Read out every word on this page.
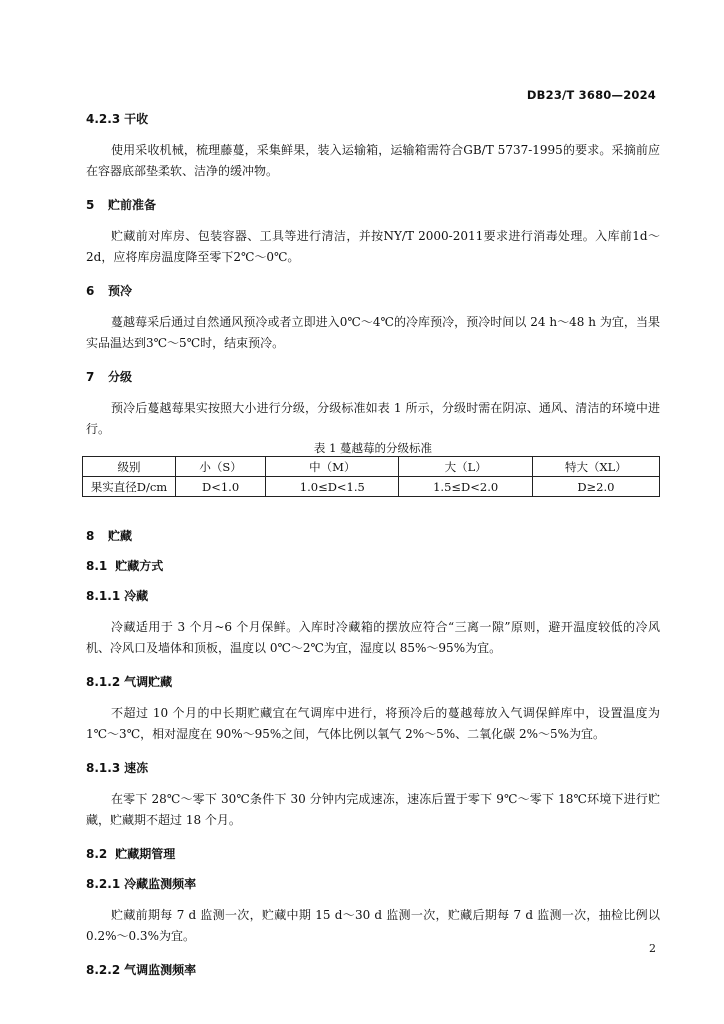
DB23/T 3680—2024

4.2.3 干收

使用采收机械，梳理藤蔓，采集鲜果，装入运输箱，运输箱需符合GB/T 5737-1995的要求。采摘前应在容器底部垫柔软、洁净的缓冲物。

5 贮前准备

贮藏前对库房、包装容器、工具等进行清洁，并按NY/T 2000-2011要求进行消毒处理。入库前1d～2d，应将库房温度降至零下2℃～0℃。

6 预冷

蔓越莓采后通过自然通风预冷或者立即进入0℃～4℃的冷库预冷，预冷时间以 24 h～48 h 为宜，当果实品温达到3℃～5℃时，结束预冷。

7 分级

预冷后蔓越莓果实按照大小进行分级，分级标准如表 1 所示，分级时需在阴凉、通风、清洁的环境中进行。

表 1 蔓越莓的分级标准

级别	小（S）	中（M）	大（L）	特大（XL）
果实直径D/cm	D<1.0	1.0≤D<1.5	1.5≤D<2.0	D≥2.0

8 贮藏

8.1 贮藏方式

8.1.1 冷藏

冷藏适用于 3 个月~6 个月保鲜。入库时冷藏箱的摆放应符合“三离一隙”原则，避开温度较低的冷风机、冷风口及墙体和顶板，温度以 0℃～2℃为宜，湿度以 85%～95%为宜。

8.1.2 气调贮藏

不超过 10 个月的中长期贮藏宜在气调库中进行，将预冷后的蔓越莓放入气调保鲜库中，设置温度为 1℃～3℃，相对湿度在 90%～95%之间，气体比例以氧气 2%～5%、二氧化碳 2%～5%为宜。

8.1.3 速冻

在零下 28℃～零下 30℃条件下 30 分钟内完成速冻，速冻后置于零下 9℃～零下 18℃环境下进行贮藏，贮藏期不超过 18 个月。

8.2 贮藏期管理

8.2.1 冷藏监测频率

贮藏前期每 7 d 监测一次，贮藏中期 15 d～30 d 监测一次，贮藏后期每 7 d 监测一次，抽检比例以 0.2%～0.3%为宜。

8.2.2 气调监测频率

2
